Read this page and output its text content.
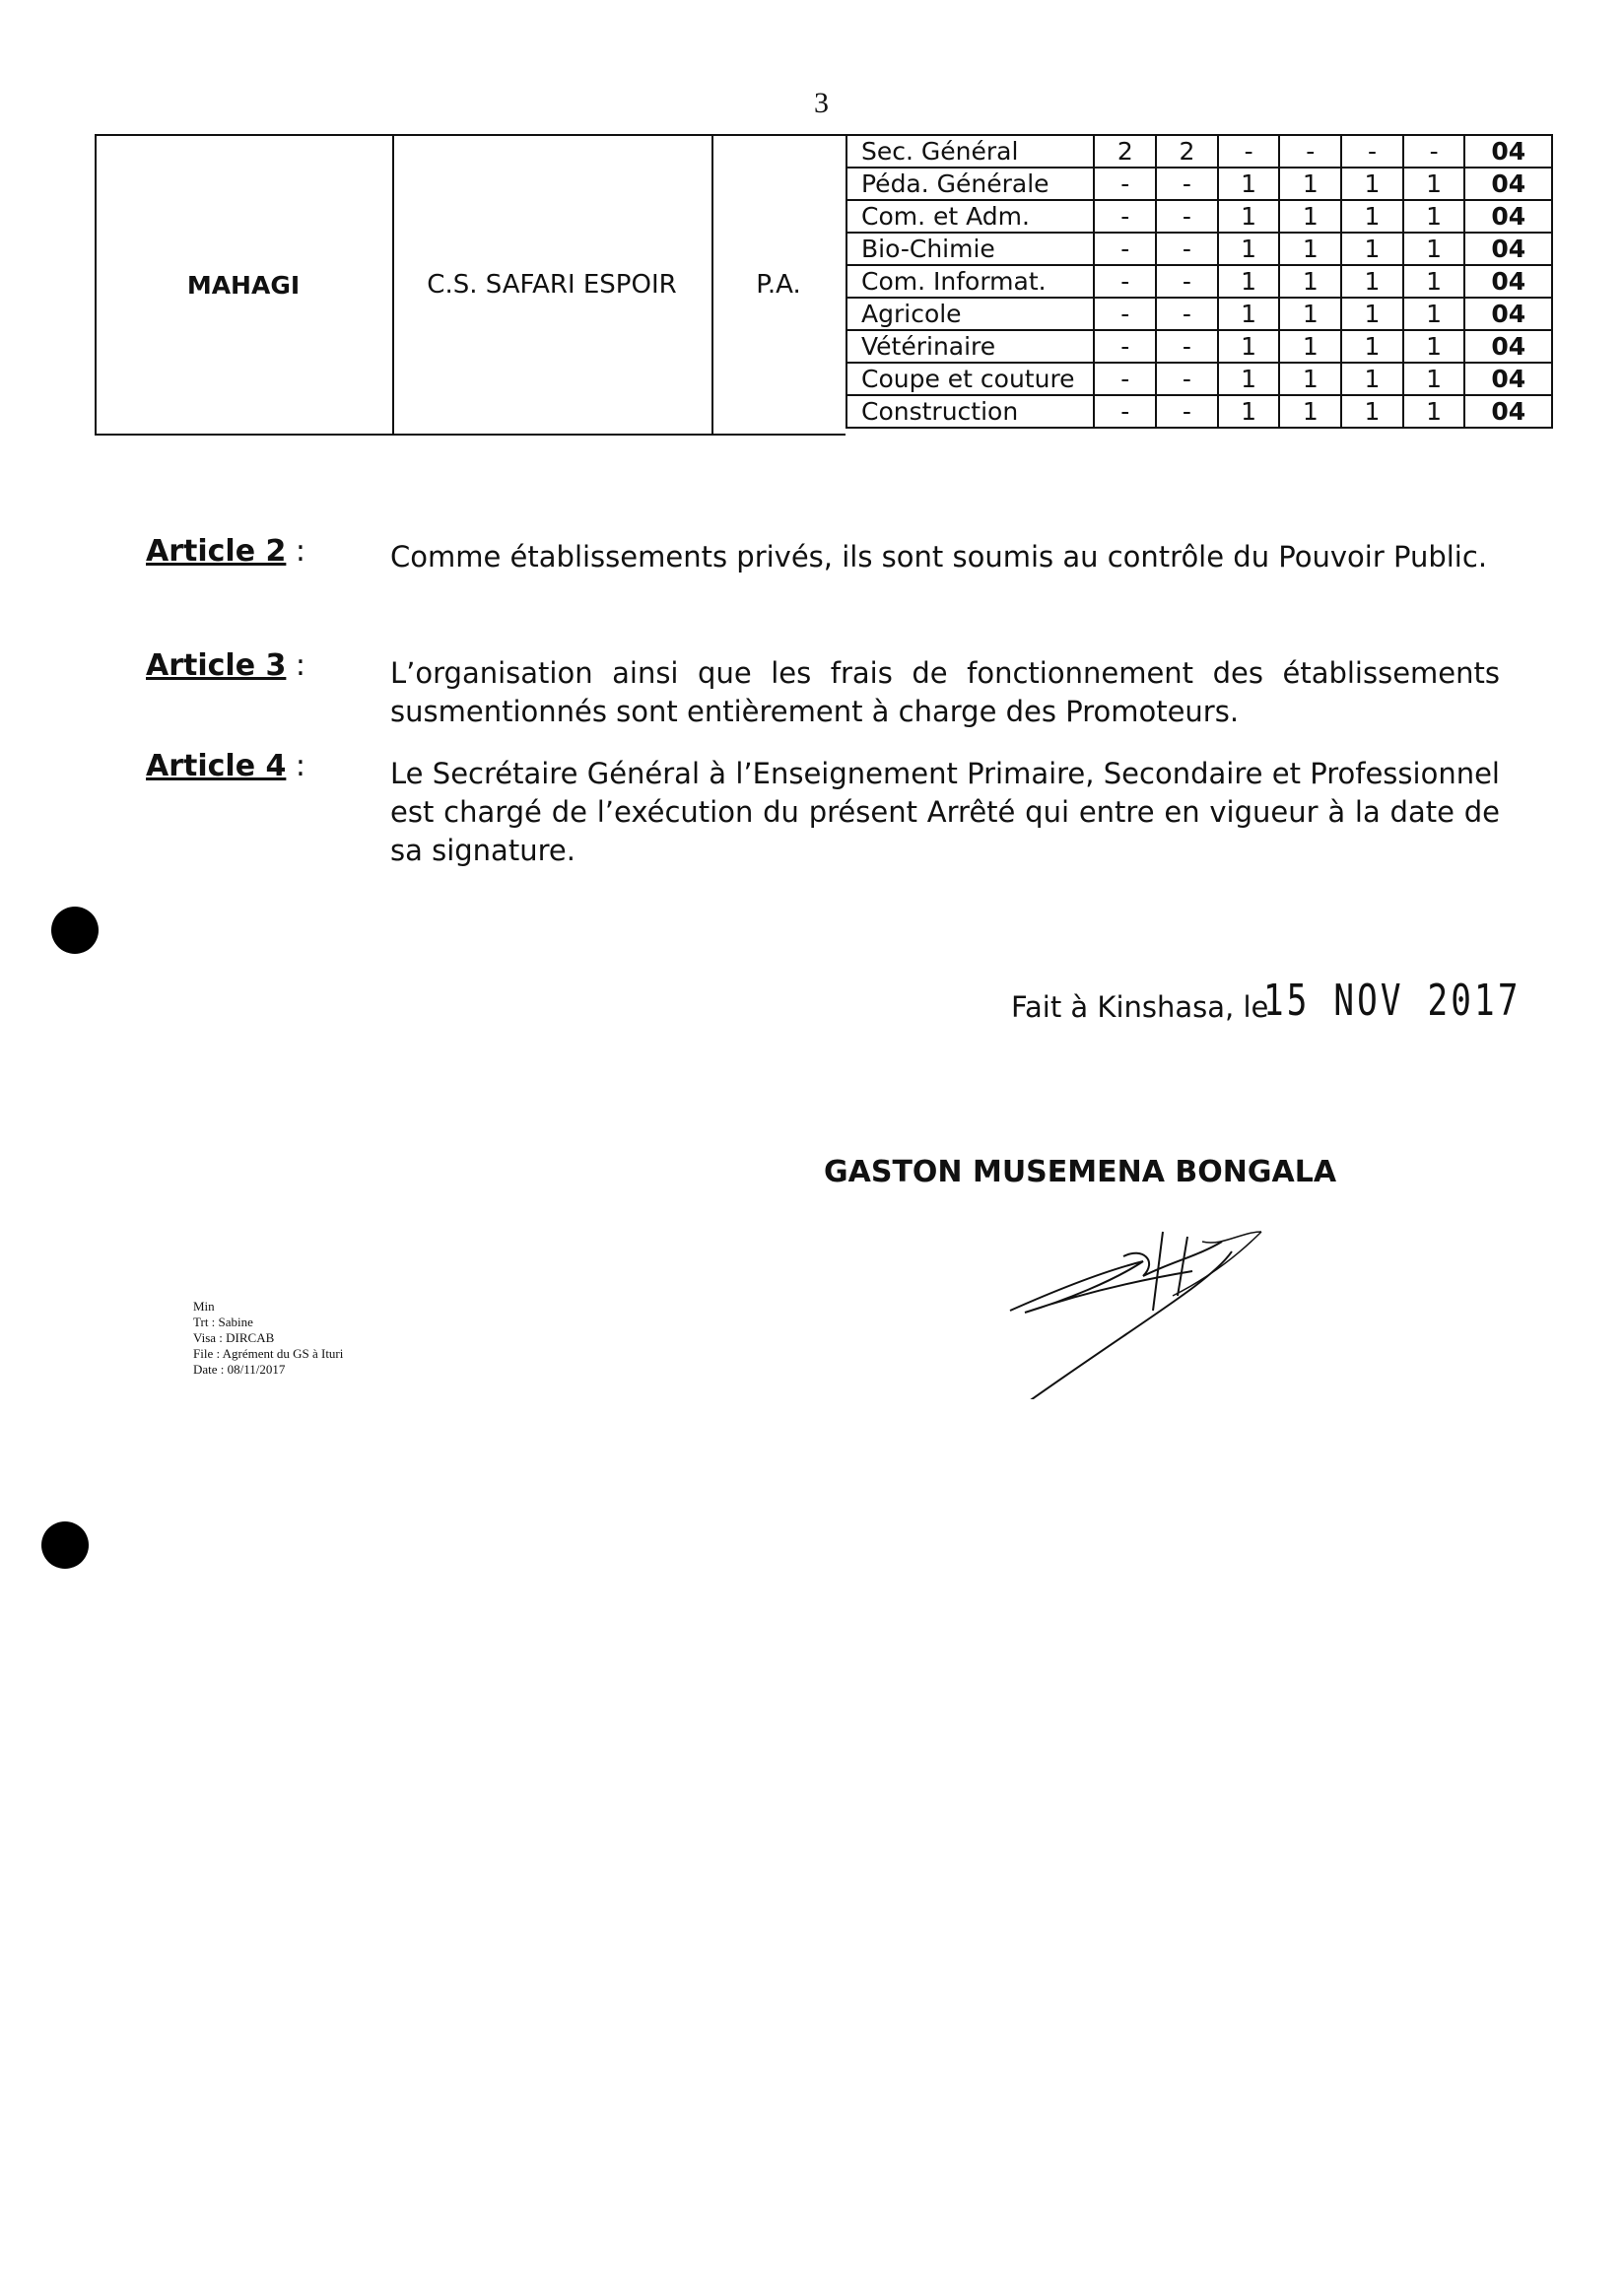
3
MAHAGI	C.S. SAFARI ESPOIR	P.A.
Sec. Général	2	2	-	-	-	-	04
Péda. Générale	-	-	1	1	1	1	04
Com. et Adm.	-	-	1	1	1	1	04
Bio-Chimie	-	-	1	1	1	1	04
Com. Informat.	-	-	1	1	1	1	04
Agricole	-	-	1	1	1	1	04
Vétérinaire	-	-	1	1	1	1	04
Coupe et couture	-	-	1	1	1	1	04
Construction	-	-	1	1	1	1	04
Article 2 :	Comme établissements privés, ils sont soumis au contrôle du Pouvoir Public.
Article 3 :	L’organisation ainsi que les frais de fonctionnement des établissements susmentionnés sont entièrement à charge des Promoteurs.
Article 4 :	Le Secrétaire Général à l’Enseignement Primaire, Secondaire et Professionnel est chargé de l’exécution du présent Arrêté qui entre en vigueur à la date de sa signature.
Fait à Kinshasa, le
15 NOV 2017
GASTON MUSEMENA BONGALA
Min
Trt : Sabine
Visa : DIRCAB
File : Agrément du GS à Ituri
Date : 08/11/2017
